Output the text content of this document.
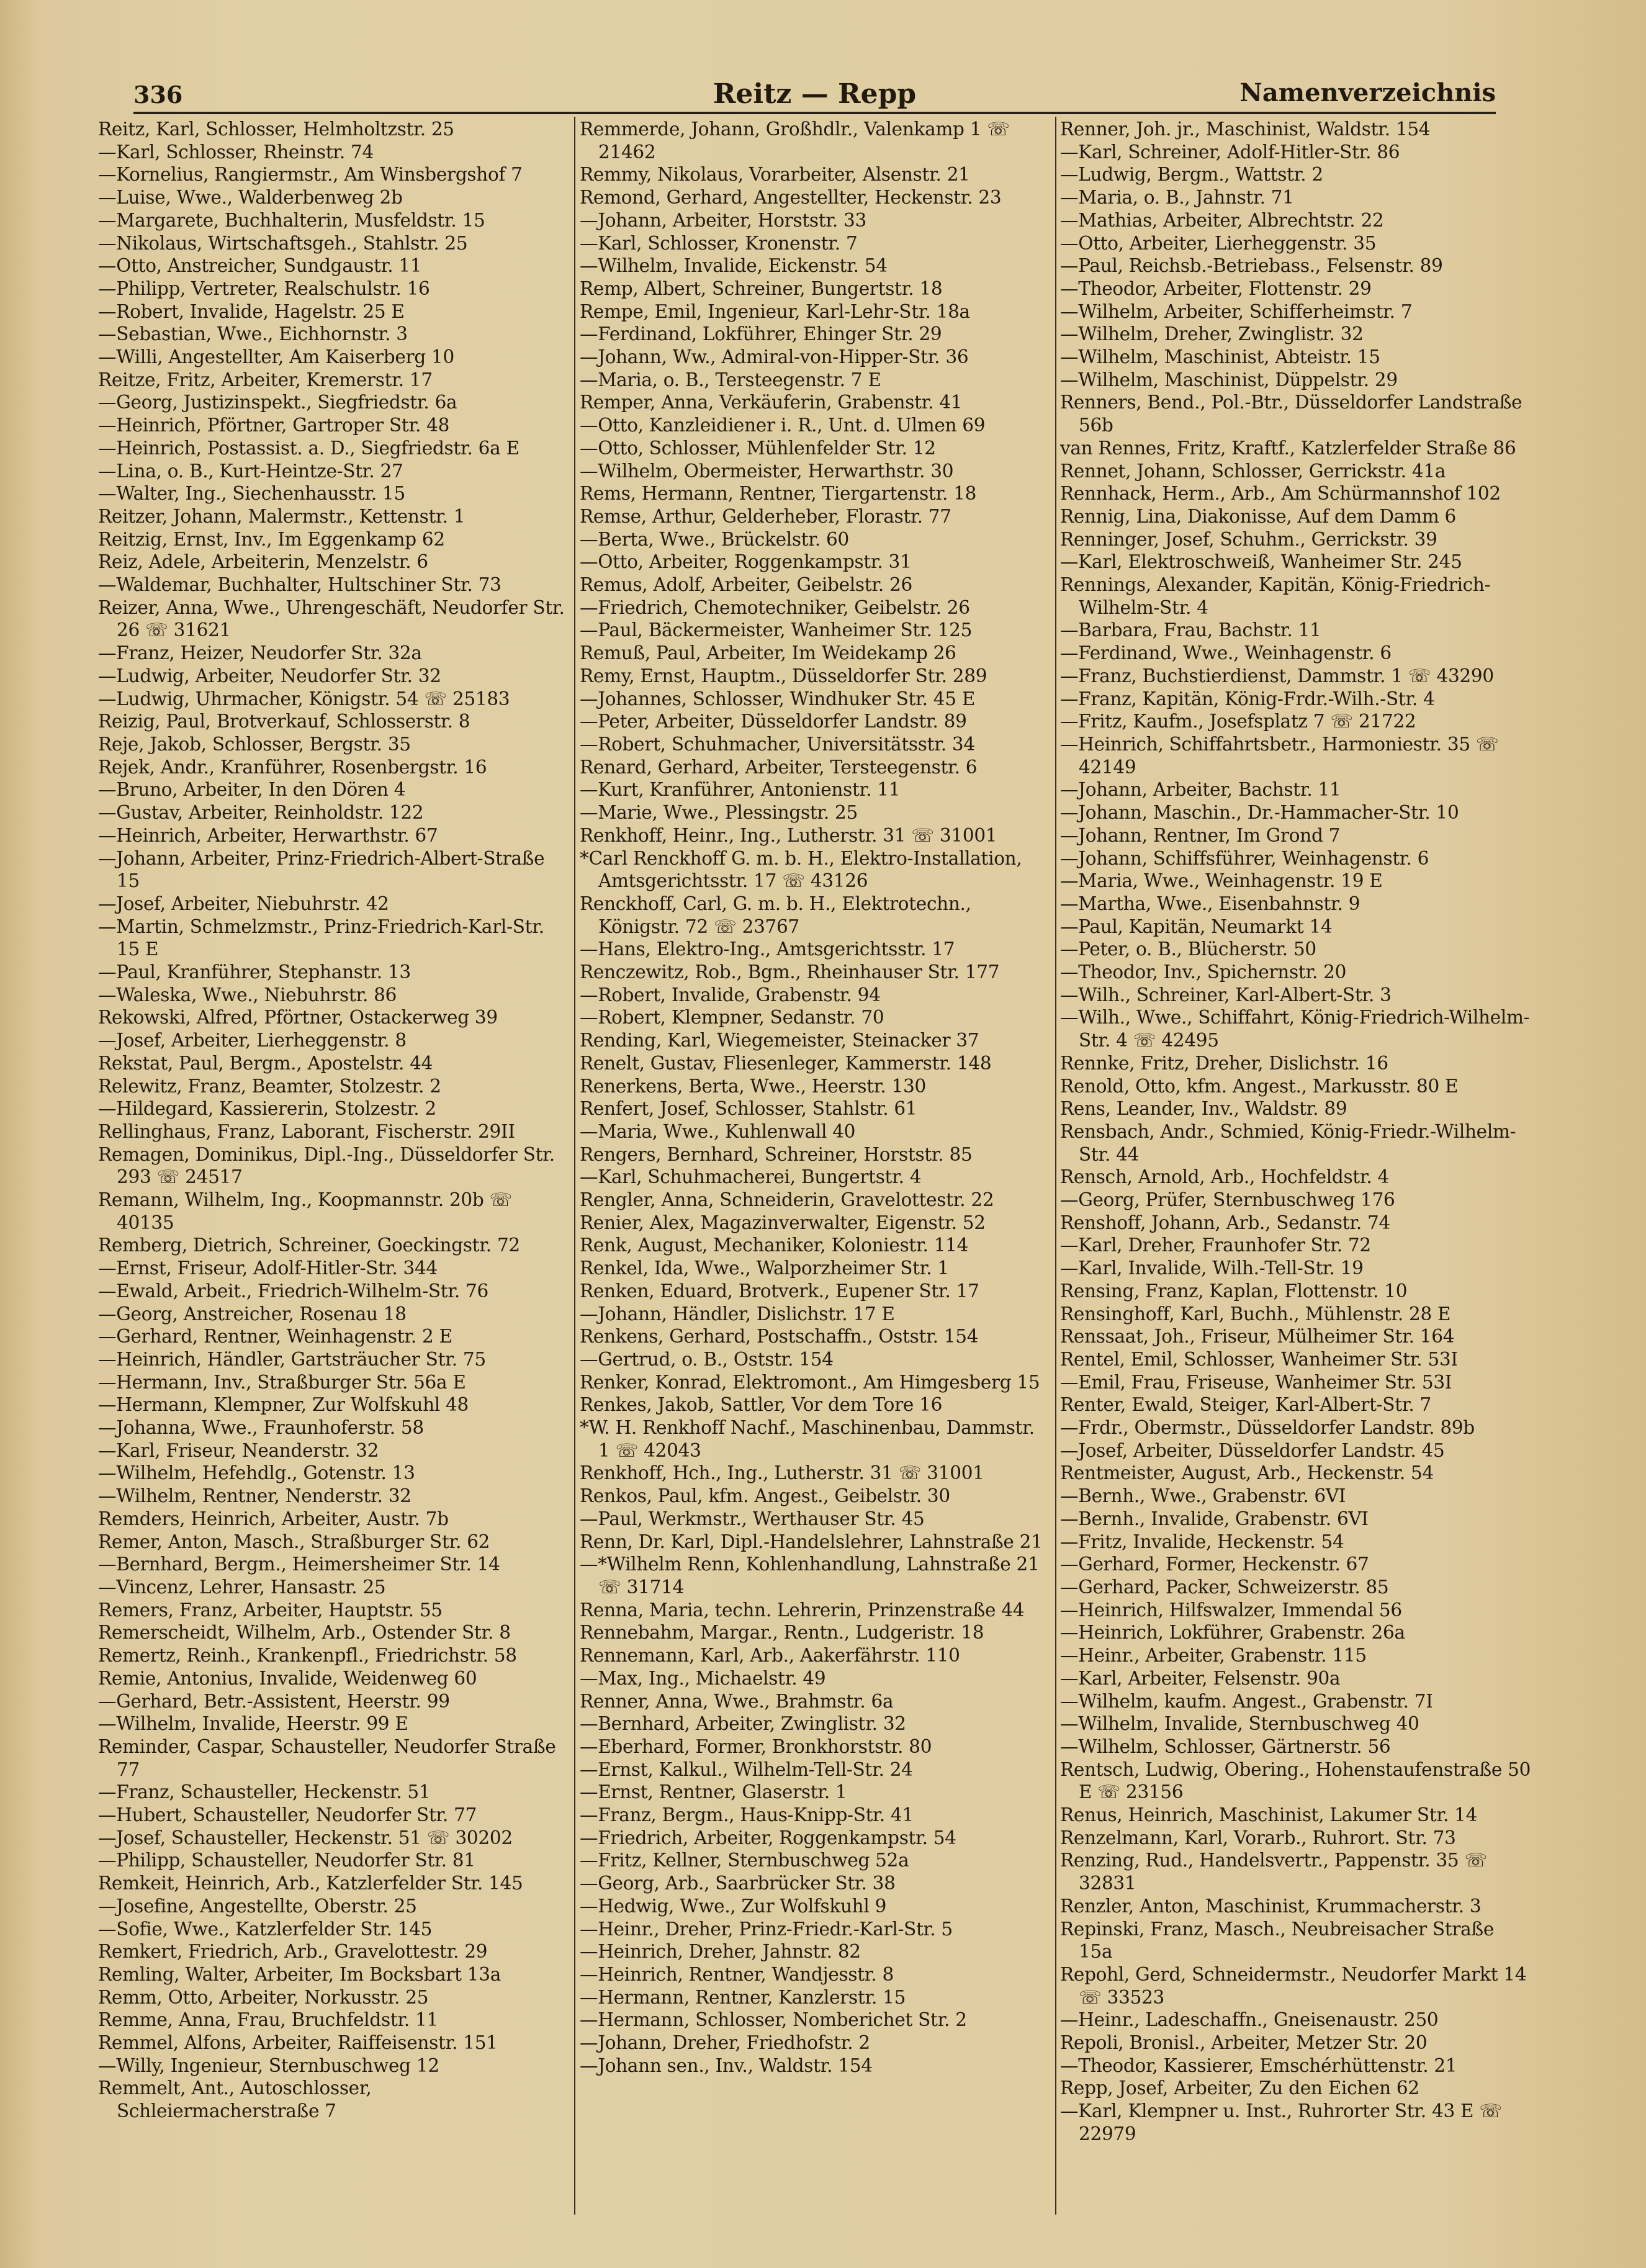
Reitz — Repp
336	Namenverzeichnis

Reitz, Karl, Schlosser, Helmholtzstr. 25

—Karl, Schlosser, Rheinstr. 74

—Kornelius, Rangiermstr., Am Winsbergshof 7

—Luise, Wwe., Walderbenweg 2b

—Margarete, Buchhalterin, Musfeldstr. 15

—Nikolaus, Wirtschaftsgeh., Stahlstr. 25

—Otto, Anstreicher, Sundgaustr. 11

—Philipp, Vertreter, Realschulstr. 16

—Robert, Invalide, Hagelstr. 25 E

—Sebastian, Wwe., Eichhornstr. 3

—Willi, Angestellter, Am Kaiserberg 10

Reitze, Fritz, Arbeiter, Kremerstr. 17

—Georg, Justizinspekt., Siegfriedstr. 6a

—Heinrich, Pförtner, Gartroper Str. 48

—Heinrich, Postassist. a. D., Siegfriedstr. 6a E

—Lina, o. B., Kurt-Heintze-Str. 27

—Walter, Ing., Siechenhausstr. 15

Reitzer, Johann, Malermstr., Kettenstr. 1

Reitzig, Ernst, Inv., Im Eggenkamp 62

Reiz, Adele, Arbeiterin, Menzelstr. 6

—Waldemar, Buchhalter, Hultschiner Str. 73

Reizer, Anna, Wwe., Uhrengeschäft, Neudorfer Str. 26 ☏ 31621

—Franz, Heizer, Neudorfer Str. 32a

—Ludwig, Arbeiter, Neudorfer Str. 32

—Ludwig, Uhrmacher, Königstr. 54 ☏ 25183

Reizig, Paul, Brotverkauf, Schlosserstr. 8

Reje, Jakob, Schlosser, Bergstr. 35

Rejek, Andr., Kranführer, Rosenbergstr. 16

—Bruno, Arbeiter, In den Dören 4

—Gustav, Arbeiter, Reinholdstr. 122

—Heinrich, Arbeiter, Herwarthstr. 67

—Johann, Arbeiter, Prinz-Friedrich-Albert-Straße 15

—Josef, Arbeiter, Niebuhrstr. 42

—Martin, Schmelzmstr., Prinz-Friedrich-Karl-Str. 15 E

—Paul, Kranführer, Stephanstr. 13

—Waleska, Wwe., Niebuhrstr. 86

Rekowski, Alfred, Pförtner, Ostackerweg 39

—Josef, Arbeiter, Lierheggenstr. 8

Rekstat, Paul, Bergm., Apostelstr. 44

Relewitz, Franz, Beamter, Stolzestr. 2

—Hildegard, Kassiererin, Stolzestr. 2

Rellinghaus, Franz, Laborant, Fischerstr. 29II

Remagen, Dominikus, Dipl.-Ing., Düsseldorfer Str. 293 ☏ 24517

Remann, Wilhelm, Ing., Koopmannstr. 20b ☏ 40135

Remberg, Dietrich, Schreiner, Goeckingstr. 72

—Ernst, Friseur, Adolf-Hitler-Str. 344

—Ewald, Arbeit., Friedrich-Wilhelm-Str. 76

—Georg, Anstreicher, Rosenau 18

—Gerhard, Rentner, Weinhagenstr. 2 E

—Heinrich, Händler, Gartsträucher Str. 75

—Hermann, Inv., Straßburger Str. 56a E

—Hermann, Klempner, Zur Wolfskuhl 48

—Johanna, Wwe., Fraunhoferstr. 58

—Karl, Friseur, Neanderstr. 32

—Wilhelm, Hefehdlg., Gotenstr. 13

—Wilhelm, Rentner, Nenderstr. 32

Remders, Heinrich, Arbeiter, Austr. 7b

Remer, Anton, Masch., Straßburger Str. 62

—Bernhard, Bergm., Heimersheimer Str. 14

—Vincenz, Lehrer, Hansastr. 25

Remers, Franz, Arbeiter, Hauptstr. 55

Remerscheidt, Wilhelm, Arb., Ostender Str. 8

Remertz, Reinh., Krankenpfl., Friedrichstr. 58

Remie, Antonius, Invalide, Weidenweg 60

—Gerhard, Betr.-Assistent, Heerstr. 99

—Wilhelm, Invalide, Heerstr. 99 E

Reminder, Caspar, Schausteller, Neudorfer Straße 77

—Franz, Schausteller, Heckenstr. 51

—Hubert, Schausteller, Neudorfer Str. 77

—Josef, Schausteller, Heckenstr. 51 ☏ 30202

—Philipp, Schausteller, Neudorfer Str. 81

Remkeit, Heinrich, Arb., Katzlerfelder Str. 145

—Josefine, Angestellte, Oberstr. 25

—Sofie, Wwe., Katzlerfelder Str. 145

Remkert, Friedrich, Arb., Gravelottestr. 29

Remling, Walter, Arbeiter, Im Bocksbart 13a

Remm, Otto, Arbeiter, Norkusstr. 25

Remme, Anna, Frau, Bruchfeldstr. 11

Remmel, Alfons, Arbeiter, Raiffeisenstr. 151

—Willy, Ingenieur, Sternbuschweg 12

Remmelt, Ant., Autoschlosser, Schleiermacherstraße 7

Remmerde, Johann, Großhdlr., Valenkamp 1 ☏ 21462

Remmy, Nikolaus, Vorarbeiter, Alsenstr. 21

Remond, Gerhard, Angestellter, Heckenstr. 23

—Johann, Arbeiter, Horststr. 33

—Karl, Schlosser, Kronenstr. 7

—Wilhelm, Invalide, Eickenstr. 54

Remp, Albert, Schreiner, Bungertstr. 18

Rempe, Emil, Ingenieur, Karl-Lehr-Str. 18a

—Ferdinand, Lokführer, Ehinger Str. 29

—Johann, Ww., Admiral-von-Hipper-Str. 36

—Maria, o. B., Tersteegenstr. 7 E

Remper, Anna, Verkäuferin, Grabenstr. 41

—Otto, Kanzleidiener i. R., Unt. d. Ulmen 69

—Otto, Schlosser, Mühlenfelder Str. 12

—Wilhelm, Obermeister, Herwarthstr. 30

Rems, Hermann, Rentner, Tiergartenstr. 18

Remse, Arthur, Gelderheber, Florastr. 77

—Berta, Wwe., Brückelstr. 60

—Otto, Arbeiter, Roggenkampstr. 31

Remus, Adolf, Arbeiter, Geibelstr. 26

—Friedrich, Chemotechniker, Geibelstr. 26

—Paul, Bäckermeister, Wanheimer Str. 125

Remuß, Paul, Arbeiter, Im Weidekamp 26

Remy, Ernst, Hauptm., Düsseldorfer Str. 289

—Johannes, Schlosser, Windhuker Str. 45 E

—Peter, Arbeiter, Düsseldorfer Landstr. 89

—Robert, Schuhmacher, Universitätsstr. 34

Renard, Gerhard, Arbeiter, Tersteegenstr. 6

—Kurt, Kranführer, Antonienstr. 11

—Marie, Wwe., Plessingstr. 25

Renkhoff, Heinr., Ing., Lutherstr. 31 ☏ 31001

*Carl Renckhoff G. m. b. H., Elektro-Installation, Amtsgerichtsstr. 17 ☏ 43126

Renckhoff, Carl, G. m. b. H., Elektrotechn., Königstr. 72 ☏ 23767

—Hans, Elektro-Ing., Amtsgerichtsstr. 17

Renczewitz, Rob., Bgm., Rheinhauser Str. 177

—Robert, Invalide, Grabenstr. 94

—Robert, Klempner, Sedanstr. 70

Rending, Karl, Wiegemeister, Steinacker 37

Renelt, Gustav, Fliesenleger, Kammerstr. 148

Renerkens, Berta, Wwe., Heerstr. 130

Renfert, Josef, Schlosser, Stahlstr. 61

—Maria, Wwe., Kuhlenwall 40

Rengers, Bernhard, Schreiner, Horststr. 85

—Karl, Schuhmacherei, Bungertstr. 4

Rengler, Anna, Schneiderin, Gravelottestr. 22

Renier, Alex, Magazinverwalter, Eigenstr. 52

Renk, August, Mechaniker, Koloniestr. 114

Renkel, Ida, Wwe., Walporzheimer Str. 1

Renken, Eduard, Brotverk., Eupener Str. 17

—Johann, Händler, Dislichstr. 17 E

Renkens, Gerhard, Postschaffn., Oststr. 154

—Gertrud, o. B., Oststr. 154

Renker, Konrad, Elektromont., Am Himgesberg 15

Renkes, Jakob, Sattler, Vor dem Tore 16

*W. H. Renkhoff Nachf., Maschinenbau, Dammstr. 1 ☏ 42043

Renkhoff, Hch., Ing., Lutherstr. 31 ☏ 31001

Renkos, Paul, kfm. Angest., Geibelstr. 30

—Paul, Werkmstr., Werthauser Str. 45

Renn, Dr. Karl, Dipl.-Handelslehrer, Lahnstraße 21

—*Wilhelm Renn, Kohlenhandlung, Lahnstraße 21 ☏ 31714

Renna, Maria, techn. Lehrerin, Prinzenstraße 44

Rennebahm, Margar., Rentn., Ludgeristr. 18

Rennemann, Karl, Arb., Aakerfährstr. 110

—Max, Ing., Michaelstr. 49

Renner, Anna, Wwe., Brahmstr. 6a

—Bernhard, Arbeiter, Zwinglistr. 32

—Eberhard, Former, Bronkhorststr. 80

—Ernst, Kalkul., Wilhelm-Tell-Str. 24

—Ernst, Rentner, Glaserstr. 1

—Franz, Bergm., Haus-Knipp-Str. 41

—Friedrich, Arbeiter, Roggenkampstr. 54

—Fritz, Kellner, Sternbuschweg 52a

—Georg, Arb., Saarbrücker Str. 38

—Hedwig, Wwe., Zur Wolfskuhl 9

—Heinr., Dreher, Prinz-Friedr.-Karl-Str. 5

—Heinrich, Dreher, Jahnstr. 82

—Heinrich, Rentner, Wandjesstr. 8

—Hermann, Rentner, Kanzlerstr. 15

—Hermann, Schlosser, Nomberichet Str. 2

—Johann, Dreher, Friedhofstr. 2

—Johann sen., Inv., Waldstr. 154

Renner, Joh. jr., Maschinist, Waldstr. 154

—Karl, Schreiner, Adolf-Hitler-Str. 86

—Ludwig, Bergm., Wattstr. 2

—Maria, o. B., Jahnstr. 71

—Mathias, Arbeiter, Albrechtstr. 22

—Otto, Arbeiter, Lierheggenstr. 35

—Paul, Reichsb.-Betriebass., Felsenstr. 89

—Theodor, Arbeiter, Flottenstr. 29

—Wilhelm, Arbeiter, Schifferheimstr. 7

—Wilhelm, Dreher, Zwinglistr. 32

—Wilhelm, Maschinist, Abteistr. 15

—Wilhelm, Maschinist, Düppelstr. 29

Renners, Bend., Pol.-Btr., Düsseldorfer Landstraße 56b

van Rennes, Fritz, Kraftf., Katzlerfelder Straße 86

Rennet, Johann, Schlosser, Gerrickstr. 41a

Rennhack, Herm., Arb., Am Schürmannshof 102

Rennig, Lina, Diakonisse, Auf dem Damm 6

Renninger, Josef, Schuhm., Gerrickstr. 39

—Karl, Elektroschweiß, Wanheimer Str. 245

Rennings, Alexander, Kapitän, König-Friedrich-Wilhelm-Str. 4

—Barbara, Frau, Bachstr. 11

—Ferdinand, Wwe., Weinhagenstr. 6

—Franz, Buchstierdienst, Dammstr. 1 ☏ 43290

—Franz, Kapitän, König-Frdr.-Wilh.-Str. 4

—Fritz, Kaufm., Josefsplatz 7 ☏ 21722

—Heinrich, Schiffahrtsbetr., Harmoniestr. 35 ☏ 42149

—Johann, Arbeiter, Bachstr. 11

—Johann, Maschin., Dr.-Hammacher-Str. 10

—Johann, Rentner, Im Grond 7

—Johann, Schiffsführer, Weinhagenstr. 6

—Maria, Wwe., Weinhagenstr. 19 E

—Martha, Wwe., Eisenbahnstr. 9

—Paul, Kapitän, Neumarkt 14

—Peter, o. B., Blücherstr. 50

—Theodor, Inv., Spichernstr. 20

—Wilh., Schreiner, Karl-Albert-Str. 3

—Wilh., Wwe., Schiffahrt, König-Friedrich-Wilhelm-Str. 4 ☏ 42495

Rennke, Fritz, Dreher, Dislichstr. 16

Renold, Otto, kfm. Angest., Markusstr. 80 E

Rens, Leander, Inv., Waldstr. 89

Rensbach, Andr., Schmied, König-Friedr.-Wilhelm-Str. 44

Rensch, Arnold, Arb., Hochfeldstr. 4

—Georg, Prüfer, Sternbuschweg 176

Renshoff, Johann, Arb., Sedanstr. 74

—Karl, Dreher, Fraunhofer Str. 72

—Karl, Invalide, Wilh.-Tell-Str. 19

Rensing, Franz, Kaplan, Flottenstr. 10

Rensinghoff, Karl, Buchh., Mühlenstr. 28 E

Renssaat, Joh., Friseur, Mülheimer Str. 164

Rentel, Emil, Schlosser, Wanheimer Str. 53I

—Emil, Frau, Friseuse, Wanheimer Str. 53I

Renter, Ewald, Steiger, Karl-Albert-Str. 7

—Frdr., Obermstr., Düsseldorfer Landstr. 89b

—Josef, Arbeiter, Düsseldorfer Landstr. 45

Rentmeister, August, Arb., Heckenstr. 54

—Bernh., Wwe., Grabenstr. 6VI

—Bernh., Invalide, Grabenstr. 6VI

—Fritz, Invalide, Heckenstr. 54

—Gerhard, Former, Heckenstr. 67

—Gerhard, Packer, Schweizerstr. 85

—Heinrich, Hilfswalzer, Immendal 56

—Heinrich, Lokführer, Grabenstr. 26a

—Heinr., Arbeiter, Grabenstr. 115

—Karl, Arbeiter, Felsenstr. 90a

—Wilhelm, kaufm. Angest., Grabenstr. 7I

—Wilhelm, Invalide, Sternbuschweg 40

—Wilhelm, Schlosser, Gärtnerstr. 56

Rentsch, Ludwig, Obering., Hohenstaufenstraße 50 E ☏ 23156

Renus, Heinrich, Maschinist, Lakumer Str. 14

Renzelmann, Karl, Vorarb., Ruhrort. Str. 73

Renzing, Rud., Handelsvertr., Pappenstr. 35 ☏ 32831

Renzler, Anton, Maschinist, Krummacherstr. 3

Repinski, Franz, Masch., Neubreisacher Straße 15a

Repohl, Gerd, Schneidermstr., Neudorfer Markt 14 ☏ 33523

—Heinr., Ladeschaffn., Gneisenaustr. 250

Repoli, Bronisl., Arbeiter, Metzer Str. 20

—Theodor, Kassierer, Emschérhüttenstr. 21

Repp, Josef, Arbeiter, Zu den Eichen 62

—Karl, Klempner u. Inst., Ruhrorter Str. 43 E ☏ 22979
